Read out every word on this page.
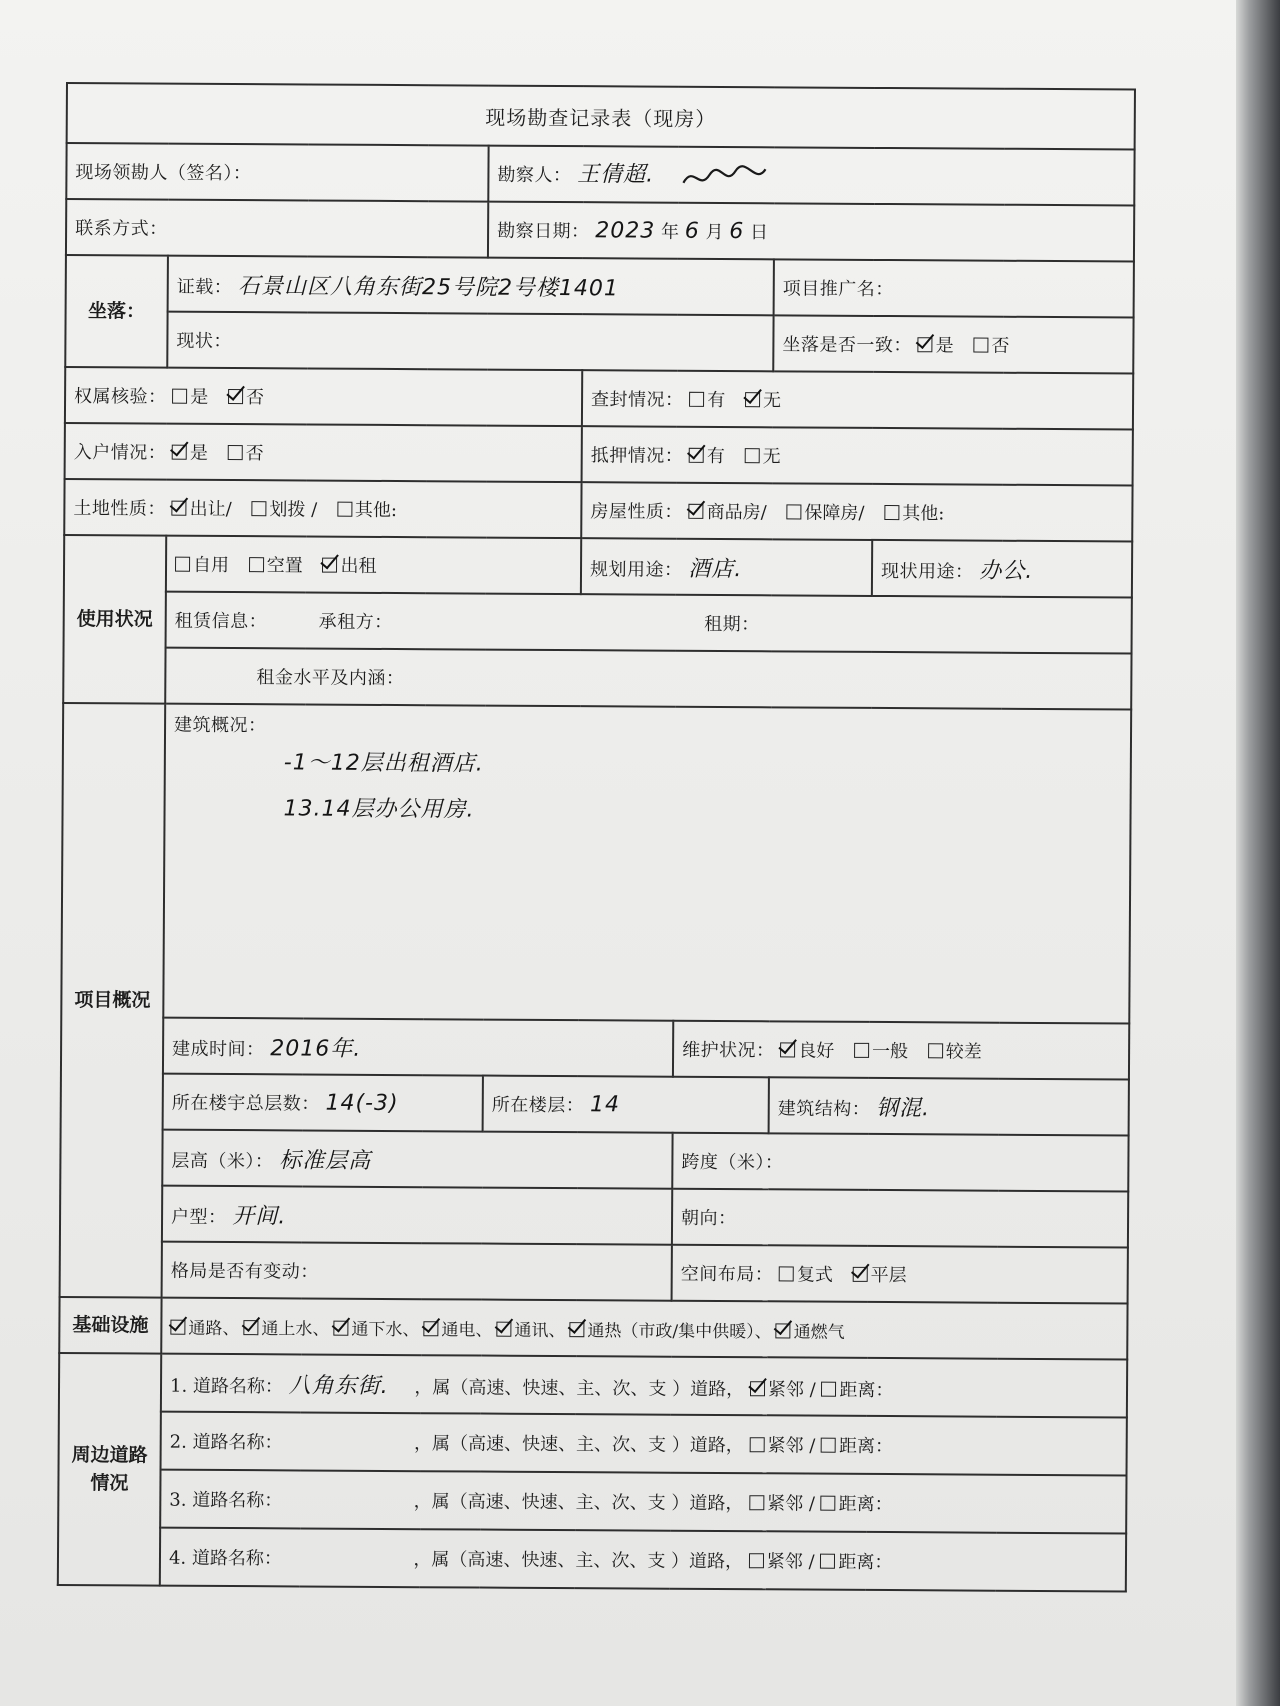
现场勘查记录表（现房）						
现场领勘人（签名）：		勘察人： 王倩超.				
联系方式：		勘察日期： 2023 年 6 月 6 日				
坐落：	证载： 石景山区八角东街25号院2号楼1401				项目推广名：	
	现状：				坐落是否一致： 是 否	
权属核验： 是 否			查封情况： 有 无			
入户情况： 是 否			抵押情况： 有 无			
土地性质： 出让/ 划拨 / 其他:			房屋性质： 商品房/ 保障房/ 其他:			
使用状况	自用 空置 出租		规划用途： 酒店.			现状用途： 办公.
	租赁信息： 承租方： 租期：					
	租金水平及内涵：					
项目概况	建筑概况：
-1～12层出租酒店.
13.14层办公用房.					

	建成时间： 2016年.			维护状况： 良好 一般 较差		
	所在楼宇总层数： 14(-3)	所在楼层： 14			建筑结构： 钢混.	
	层高（米）： 标准层高			跨度（米）：		
	户型： 开间.			朝向：		
	格局是否有变动：			空间布局： 复式 平层		
基础设施	通路、 通上水、 通下水、 通电、 通讯、 通热（市政/集中供暖）、 通燃气					
周边道路情况	1. 道路名称： 八角东街. ，属（高速、快速、主、次、支 ）道路， 紧邻 / 距离：					
	2. 道路名称： ，属（高速、快速、主、次、支 ）道路， 紧邻 / 距离：					
	3. 道路名称： ，属（高速、快速、主、次、支 ）道路， 紧邻 / 距离：					
	4. 道路名称： ，属（高速、快速、主、次、支 ）道路， 紧邻 / 距离：					
